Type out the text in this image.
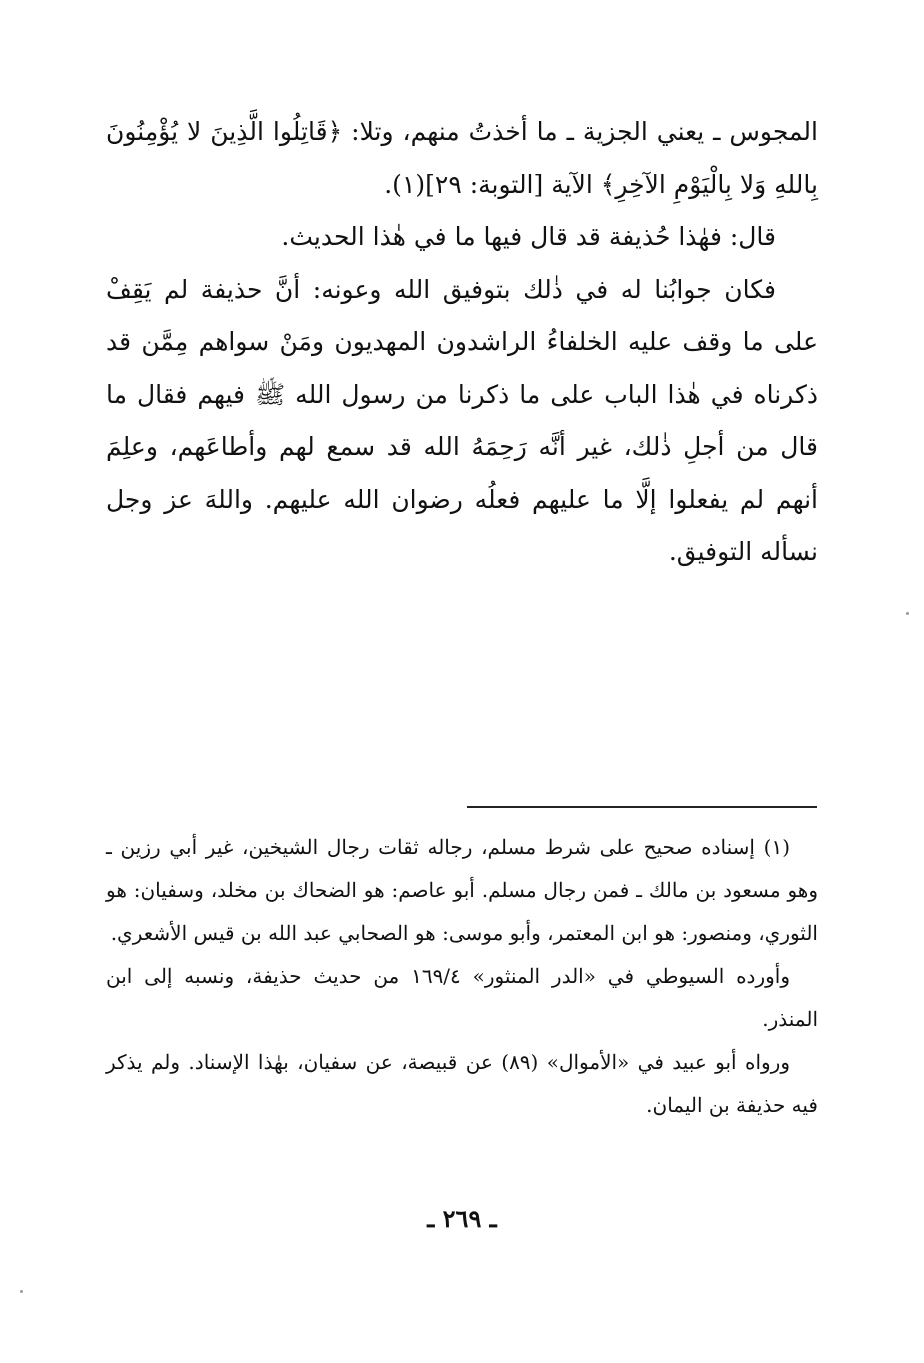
المجوس ـ يعني الجزية ـ ما أخذتُ منهم، وتلا: ﴿قَاتِلُوا الَّذِينَ لا يُؤْمِنُونَ بِاللهِ وَلا بِالْيَوْمِ الآخِرِ﴾ الآية [التوبة: ٢٩](١).

قال: فهٰذا حُذيفة قد قال فيها ما في هٰذا الحديث.

فكان جوابُنا له في ذٰلك بتوفيق الله وعونه: أنَّ حذيفة لم يَقِفْ على ما وقف عليه الخلفاءُ الراشدون المهديون ومَنْ سواهم مِمَّن قد ذكرناه في هٰذا الباب على ما ذكرنا من رسول الله ﷺ فيهم فقال ما قال من أجلِ ذٰلك، غير أنَّه رَحِمَهُ الله قد سمع لهم وأطاعَهم، وعلِمَ أنهم لم يفعلوا إلَّا ما عليهم فعلُه رضوان الله عليهم. واللهَ عز وجل نسأله التوفيق.

(١) إسناده صحيح على شرط مسلم، رجاله ثقات رجال الشيخين، غير أبي رزين ـ وهو مسعود بن مالك ـ فمن رجال مسلم. أبو عاصم: هو الضحاك بن مخلد، وسفيان: هو الثوري، ومنصور: هو ابن المعتمر، وأبو موسى: هو الصحابي عبد الله بن قيس الأشعري.

وأورده السيوطي في «الدر المنثور» ١٦٩/٤ من حديث حذيفة، ونسبه إلى ابن المنذر.

ورواه أبو عبيد في «الأموال» (٨٩) عن قبيصة، عن سفيان، بهٰذا الإسناد. ولم يذكر فيه حذيفة بن اليمان.

ـ ٢٦٩ ـ
